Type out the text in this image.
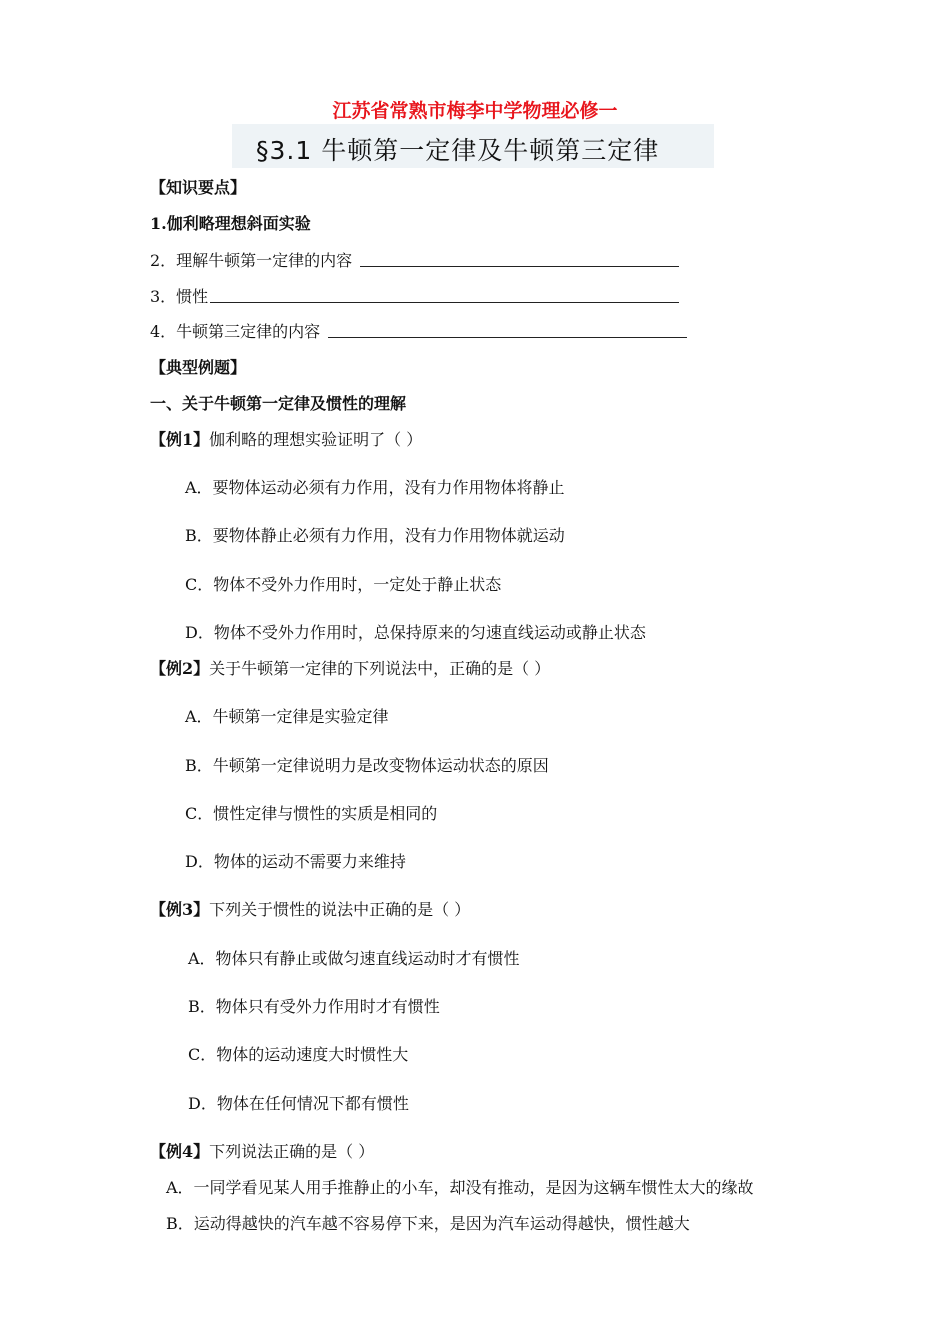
江苏省常熟市梅李中学物理必修一
§3.1 牛顿第一定律及牛顿第三定律
【知识要点】
1.伽利略理想斜面实验
2．理解牛顿第一定律的内容
3．惯性
4．牛顿第三定律的内容
【典型例题】
一、关于牛顿第一定律及惯性的理解
【例1】伽利略的理想实验证明了（ ）
A．要物体运动必须有力作用，没有力作用物体将静止
B．要物体静止必须有力作用，没有力作用物体就运动
C．物体不受外力作用时，一定处于静止状态
D．物体不受外力作用时，总保持原来的匀速直线运动或静止状态
【例2】关于牛顿第一定律的下列说法中，正确的是（ ）
A．牛顿第一定律是实验定律
B．牛顿第一定律说明力是改变物体运动状态的原因
C．惯性定律与惯性的实质是相同的
D．物体的运动不需要力来维持
【例3】下列关于惯性的说法中正确的是（ ）
A．物体只有静止或做匀速直线运动时才有惯性
B．物体只有受外力作用时才有惯性
C．物体的运动速度大时惯性大
D．物体在任何情况下都有惯性
【例4】下列说法正确的是（ ）
A．一同学看见某人用手推静止的小车，却没有推动，是因为这辆车惯性太大的缘故
B．运动得越快的汽车越不容易停下来，是因为汽车运动得越快，惯性越大
